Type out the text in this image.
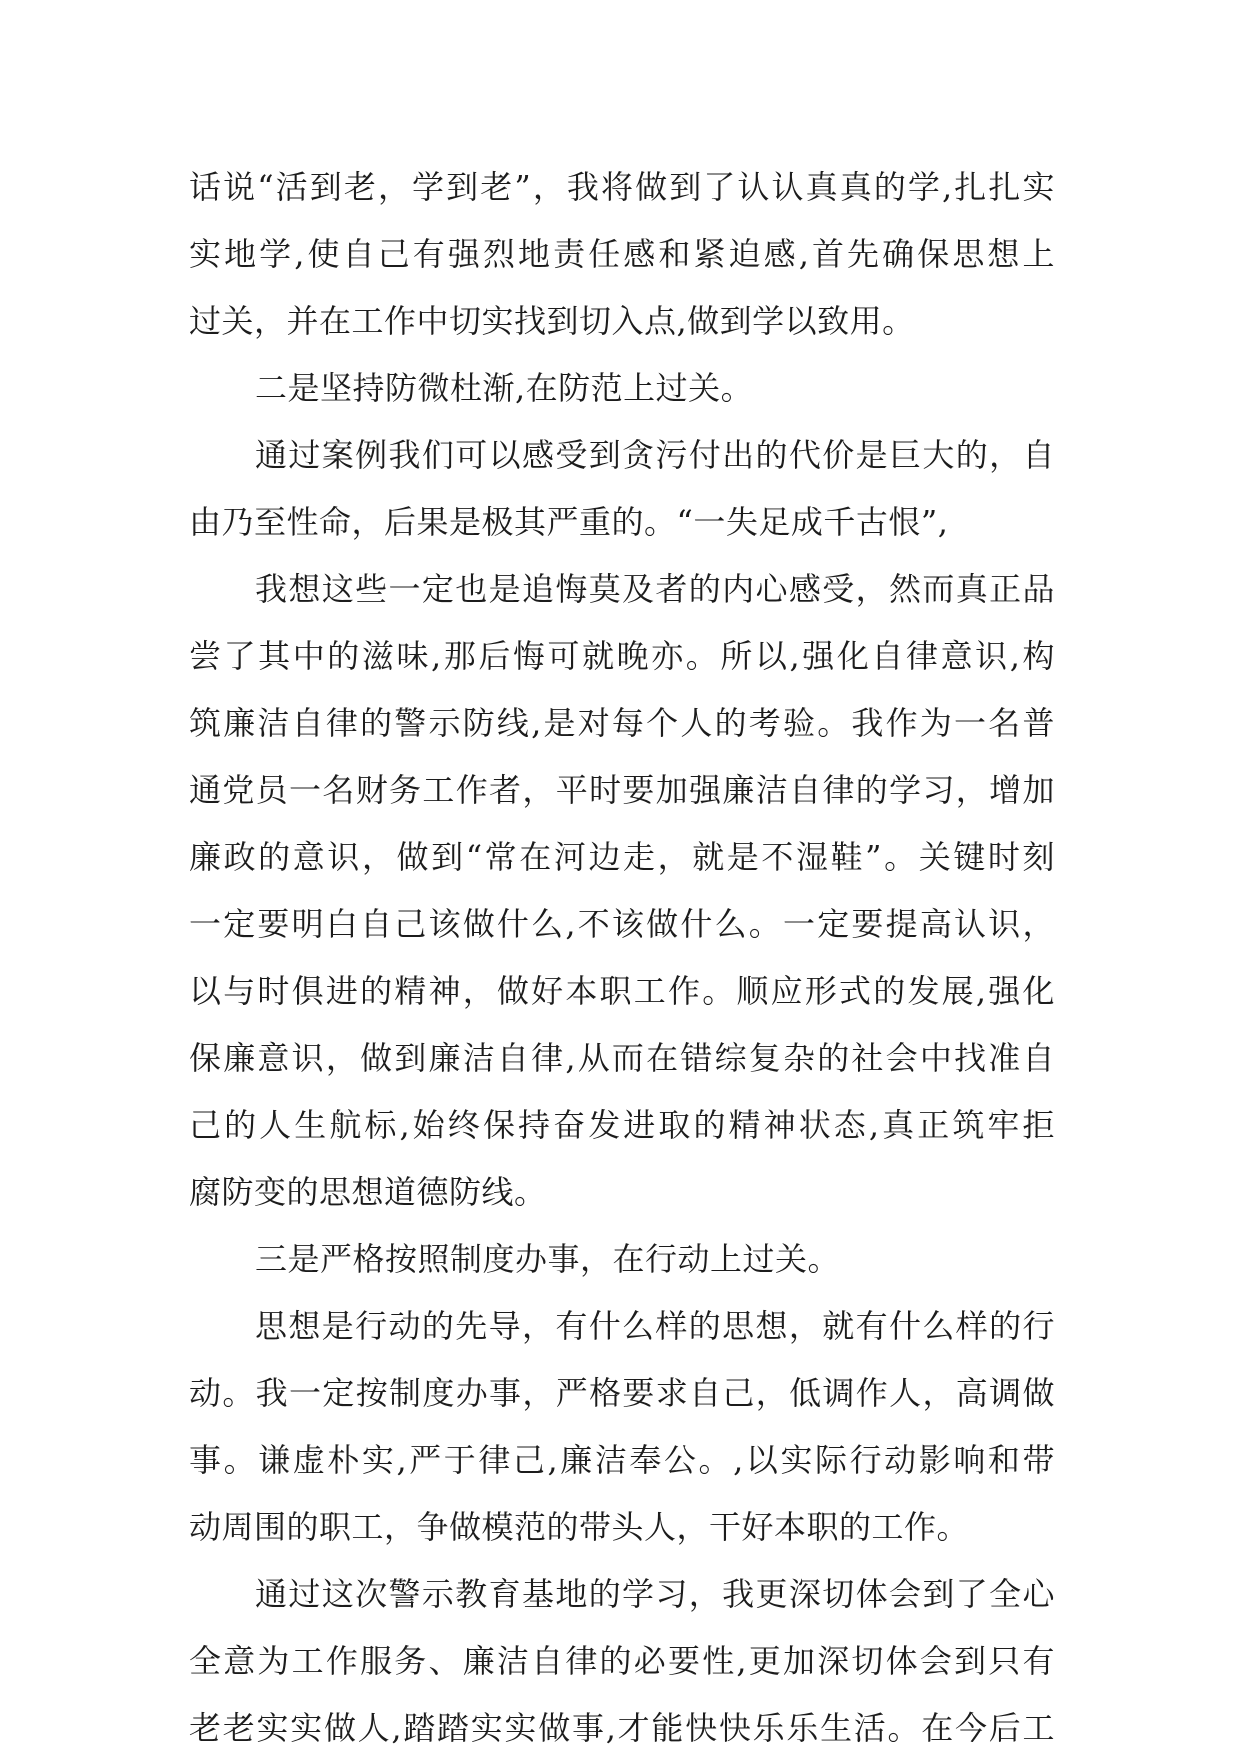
话说“活到老，学到老”，我将做到了认认真真的学,扎扎实
实地学,使自己有强烈地责任感和紧迫感,首先确保思想上
过关，并在工作中切实找到切入点,做到学以致用。
二是坚持防微杜渐,在防范上过关。
通过案例我们可以感受到贪污付出的代价是巨大的，自
由乃至性命，后果是极其严重的。“一失足成千古恨”,
我想这些一定也是追悔莫及者的内心感受，然而真正品
尝了其中的滋味,那后悔可就晚亦。所以,强化自律意识,构
筑廉洁自律的警示防线,是对每个人的考验。我作为一名普
通党员一名财务工作者，平时要加强廉洁自律的学习，增加
廉政的意识，做到“常在河边走，就是不湿鞋”。关键时刻
一定要明白自己该做什么,不该做什么。一定要提高认识，
以与时俱进的精神，做好本职工作。顺应形式的发展,强化
保廉意识，做到廉洁自律,从而在错综复杂的社会中找准自
己的人生航标,始终保持奋发进取的精神状态,真正筑牢拒
腐防变的思想道德防线。
三是严格按照制度办事，在行动上过关。
思想是行动的先导，有什么样的思想，就有什么样的行
动。我一定按制度办事，严格要求自己，低调作人，高调做
事。谦虚朴实,严于律己,廉洁奉公。,以实际行动影响和带
动周围的职工，争做模范的带头人，干好本职的工作。
通过这次警示教育基地的学习，我更深切体会到了全心
全意为工作服务、廉洁自律的必要性,更加深切体会到只有
老老实实做人,踏踏实实做事,才能快快乐乐生活。在今后工
